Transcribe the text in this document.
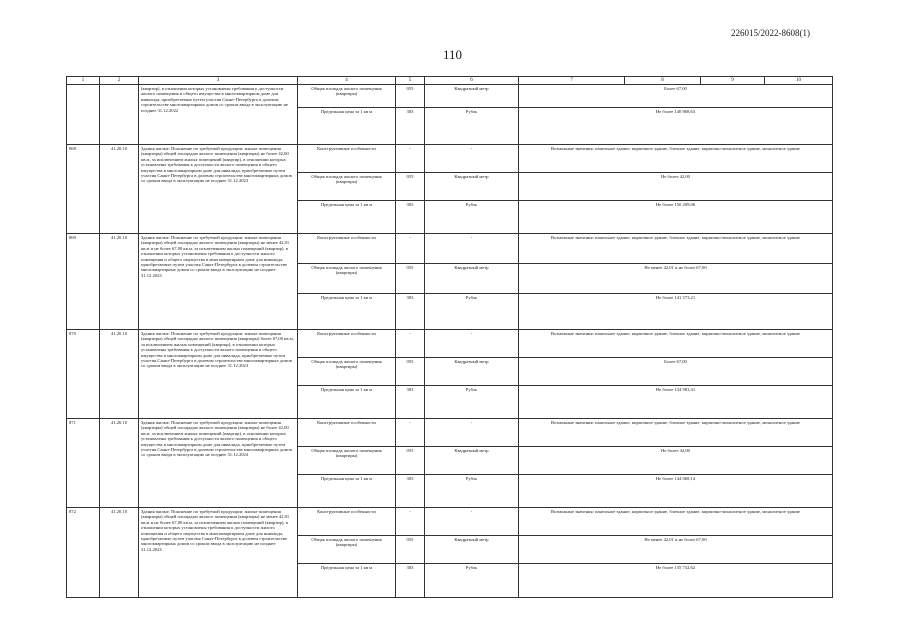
226015/2022-8608(1)
110
1	2	3	4	5	6	7	8	9	10
		(квартир), в отношении которых установлены требования к доступности жилого помещения и общего имущества в многоквартирном доме для инвалида, приобретаемые путем участия Санкт-Петербурга в долевом строительстве многоквартирных домов со сроком ввода в эксплуатацию не позднее 31.12.2022	Общая площадь жилого помещения (квартиры)	055	Квадратный метр	Более 67,00			
			Предельная цена за 1 кв м	383	Рубль	Не более 140 868,63			
868	41.20.10	Здания жилые. Пояснение по требуемой продукции: жилые помещения (квартиры) общей площадью жилого помещения (квартиры) не более 42,00 кв.м, за исключением жилых помещений (квартир), в отношении которых установлены требования к доступности жилого помещения и общего имущества в многоквартирном доме для инвалида, приобретаемые путем участия Санкт-Петербурга в долевом строительстве многоквартирных домов со сроком ввода в эксплуатацию не позднее 31.12.2023	Конструктивные особенности	-	-	Возможные значения: панельное здание, кирпичное здание, блочное здание, кирпично-монолитное здание, монолитное здание			
			Общая площадь жилого помещения (квартиры)	055	Квадратный метр	Не более 42,00			
			Предельная цена за 1 кв м	383	Рубль	Не более 150 209,06			
869	41.20.10	Здания жилые. Пояснение по требуемой продукции: жилые помещения (квартиры) общей площадью жилого помещения (квартиры) не менее 42,01 кв.м и не более 67,00 кв.м, за исключением жилых помещений (квартир), в отношении которых установлены требования к доступности жилого помещения и общего имущества в многоквартирном доме для инвалида, приобретаемые путем участия Санкт-Петербурга в долевом строительстве многоквартирных домов со сроком ввода в эксплуатацию не позднее 31.12.2023	Конструктивные особенности	-	-	Возможные значения: панельное здание, кирпичное здание, блочное здание, кирпично-монолитное здание, монолитное здание			
			Общая площадь жилого помещения (квартиры)	055	Квадратный метр	Не менее 42,01 и не более 67,00			
			Предельная цена за 1 кв м	383	Рубль	Не более 141 573,21			
870	41.20.10	Здания жилые. Пояснение по требуемой продукции: жилые помещения (квартиры) общей площадью жилого помещения (квартиры) более 67,00 кв.м, за исключением жилых помещений (квартир), в отношении которых установлены требования к доступности жилого помещения и общего имущества в многоквартирном доме для инвалида, приобретаемые путем участия Санкт-Петербурга в долевом строительстве многоквартирных домов со сроком ввода в эксплуатацию не позднее 31.12.2023	Конструктивные особенности	-	-	Возможные значения: панельное здание, кирпичное здание, блочное здание, кирпично-монолитное здание, монолитное здание			
			Общая площадь жилого помещения (квартиры)	055	Квадратный метр	Более 67,00			
			Предельная цена за 1 кв м	383	Рубль	Не более 134 983,41			
871	41.20.10	Здания жилые. Пояснение по требуемой продукции: жилые помещения (квартиры) общей площадью жилого помещения (квартиры) не более 42,00 кв.м, за исключением жилых помещений (квартир), в отношении которых установлены требования к доступности жилого помещения и общего имущества в многоквартирном доме для инвалида, приобретаемые путем участия Санкт-Петербурга в долевом строительстве многоквартирных домов со сроком ввода в эксплуатацию не позднее 31.12.2024	Конструктивные особенности	-	-	Возможные значения: панельное здание, кирпичное здание, блочное здание, кирпично-монолитное здание, монолитное здание			
			Общая площадь жилого помещения (квартиры)	055	Квадратный метр	Не более 42,00			
			Предельная цена за 1 кв м	383	Рубль	Не более 144 068,14			
872	41.20.10	Здания жилые. Пояснение по требуемой продукции: жилые помещения (квартиры) общей площадью жилого помещения (квартиры) не менее 42,01 кв.м и не более 67,00 кв.м, за исключением жилых помещений (квартир), в отношении которых установлены требования к доступности жилого помещения и общего имущества в многоквартирном доме для инвалида, приобретаемые путем участия Санкт-Петербурга в долевом строительстве многоквартирных домов со сроком ввода в эксплуатацию не позднее 31.12.2024	Конструктивные особенности	-	-	Возможные значения: панельное здание, кирпичное здание, блочное здание, кирпично-монолитное здание, монолитное здание			
			Общая площадь жилого помещения (квартиры)	055	Квадратный метр	Не менее 42,01 и не более 67,00			
			Предельная цена за 1 кв м	383	Рубль	Не более 135 732,62			
